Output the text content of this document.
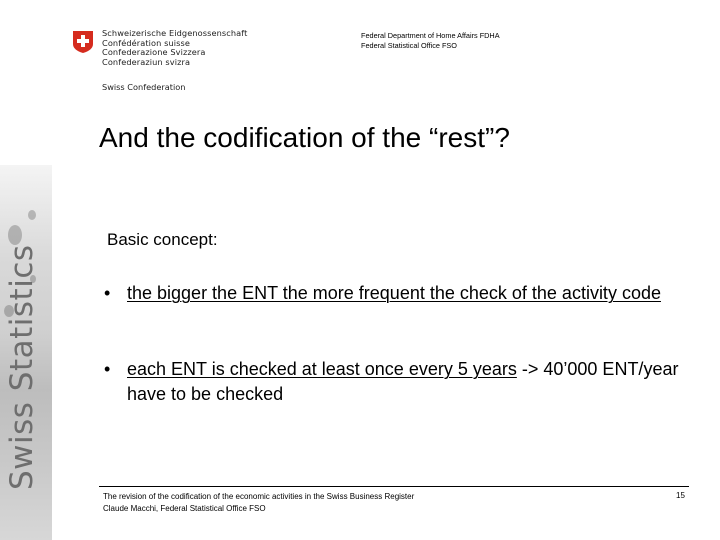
Swiss Statistics
Schweizerische Eidgenossenschaft
Confédération suisse
Confederazione Svizzera
Confederaziun svizra
Swiss Confederation
Federal Department of Home Affairs FDHA
Federal Statistical Office FSO
And the codification of the “rest”?
Basic concept:
• the bigger the ENT the more frequent the check of the activity code
• each ENT is checked at least once every 5 years -> 40’000 ENT/year have to be checked
The revision of the codification of the economic activities in the Swiss Business Register
Claude Macchi, Federal Statistical Office FSO
15
